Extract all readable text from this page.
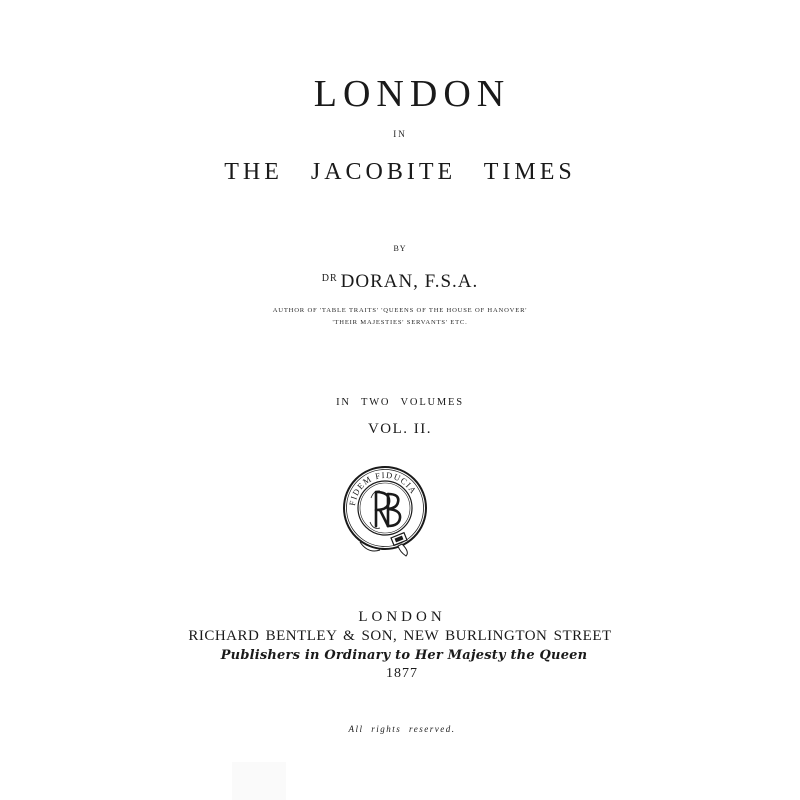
LONDON
IN
THE JACOBITE TIMES
BY
$^{DR}$ DORAN, F.S.A.
AUTHOR OF 'TABLE TRAITS' 'QUEENS OF THE HOUSE OF HANOVER'
'THEIR MAJESTIES' SERVANTS' ETC.
IN TWO VOLUMES
VOL. II.
FIDEM FIDUCIA
LONDON
RICHARD BENTLEY & SON, NEW BURLINGTON STREET
Publishers in Ordinary to Her Majesty the Queen
1877
All rights reserved.
